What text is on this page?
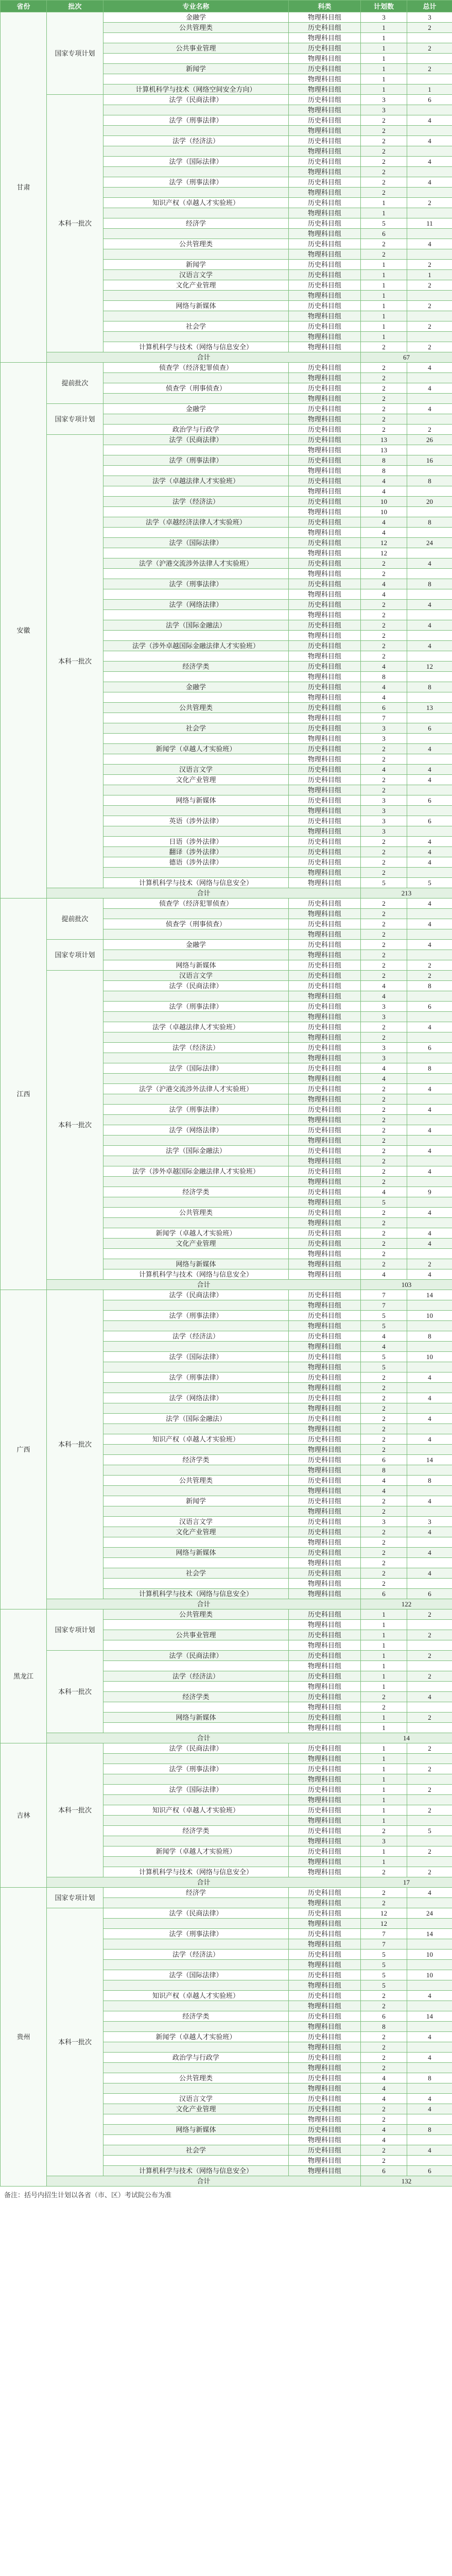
省份	批次	专业名称	科类	计划数	总计
甘肃	国家专项计划	金融学	物理科目组	3	3
		公共管理类	历史科目组	1	2
			物理科目组	1	
		公共事业管理	历史科目组	1	2
			物理科目组	1	
		新闻学	历史科目组	1	2
			物理科目组	1	
		计算机科学与技术（网络空间安全方向）	物理科目组	1	1
	本科一批次	法学（民商法律）	历史科目组	3	6
			物理科目组	3	
		法学（刑事法律）	历史科目组	2	4
			物理科目组	2	
		法学（经济法）	历史科目组	2	4
			物理科目组	2	
		法学（国际法律）	历史科目组	2	4
			物理科目组	2	
		法学（刑事法律）	历史科目组	2	4
			物理科目组	2	
		知识产权（卓越人才实验班）	历史科目组	1	2
			物理科目组	1	
		经济学	历史科目组	5	11
			物理科目组	6	
		公共管理类	历史科目组	2	4
			物理科目组	2	
		新闻学	历史科目组	1	2
		汉语言文学	历史科目组	1	1
		文化产业管理	历史科目组	1	2
			物理科目组	1	
		网络与新媒体	历史科目组	1	2
			物理科目组	1	
		社会学	历史科目组	1	2
			物理科目组	1	
		计算机科学与技术（网络与信息安全）	物理科目组	2	2
	合计			67	
安徽	提前批次	侦查学（经济犯罪侦查）	历史科目组	2	4
			物理科目组	2	
		侦查学（刑事侦查）	历史科目组	2	4
			物理科目组	2	
	国家专项计划	金融学	历史科目组	2	4
			物理科目组	2	
		政治学与行政学	历史科目组	2	2
	本科一批次	法学（民商法律）	历史科目组	13	26
			物理科目组	13	
		法学（刑事法律）	历史科目组	8	16
			物理科目组	8	
		法学（卓越法律人才实验班）	历史科目组	4	8
			物理科目组	4	
		法学（经济法）	历史科目组	10	20
			物理科目组	10	
		法学（卓越经济法律人才实验班）	历史科目组	4	8
			物理科目组	4	
		法学（国际法律）	历史科目组	12	24
			物理科目组	12	
		法学（沪港交流涉外法律人才实验班）	历史科目组	2	4
			物理科目组	2	
		法学（刑事法律）	历史科目组	4	8
			物理科目组	4	
		法学（网络法律）	历史科目组	2	4
			物理科目组	2	
		法学（国际金融法）	历史科目组	2	4
			物理科目组	2	
		法学（涉外卓越国际金融法律人才实验班）	历史科目组	2	4
			物理科目组	2	
		经济学类	历史科目组	4	12
			物理科目组	8	
		金融学	历史科目组	4	8
			物理科目组	4	
		公共管理类	历史科目组	6	13
			物理科目组	7	
		社会学	历史科目组	3	6
			物理科目组	3	
		新闻学（卓越人才实验班）	历史科目组	2	4
			物理科目组	2	
		汉语言文学	历史科目组	4	4
		文化产业管理	历史科目组	2	4
			物理科目组	2	
		网络与新媒体	历史科目组	3	6
			物理科目组	3	
		英语（涉外法律）	历史科目组	3	6
			物理科目组	3	
		日语（涉外法律）	历史科目组	2	4
		翻译（涉外法律）	历史科目组	2	4
		德语（涉外法律）	历史科目组	2	4
			物理科目组	2	
		计算机科学与技术（网络与信息安全）	物理科目组	5	5
	合计			213	
江西	提前批次	侦查学（经济犯罪侦查）	历史科目组	2	4
			物理科目组	2	
		侦查学（刑事侦查）	历史科目组	2	4
			物理科目组	2	
	国家专项计划	金融学	历史科目组	2	4
			物理科目组	2	
		网络与新媒体	历史科目组	2	2
	本科一批次	汉语言文学	历史科目组	2	2
		法学（民商法律）	历史科目组	4	8
			物理科目组	4	
		法学（刑事法律）	历史科目组	3	6
			物理科目组	3	
		法学（卓越法律人才实验班）	历史科目组	2	4
			物理科目组	2	
		法学（经济法）	历史科目组	3	6
			物理科目组	3	
		法学（国际法律）	历史科目组	4	8
			物理科目组	4	
		法学（沪港交流涉外法律人才实验班）	历史科目组	2	4
			物理科目组	2	
		法学（刑事法律）	历史科目组	2	4
			物理科目组	2	
		法学（网络法律）	历史科目组	2	4
			物理科目组	2	
		法学（国际金融法）	历史科目组	2	4
			物理科目组	2	
		法学（涉外卓越国际金融法律人才实验班）	历史科目组	2	4
			物理科目组	2	
		经济学类	历史科目组	4	9
			物理科目组	5	
		公共管理类	历史科目组	2	4
			物理科目组	2	
		新闻学（卓越人才实验班）	历史科目组	2	4
		文化产业管理	历史科目组	2	4
			物理科目组	2	
		网络与新媒体	物理科目组	2	2
		计算机科学与技术（网络与信息安全）	物理科目组	4	4
	合计			103	
广西	本科一批次	法学（民商法律）	历史科目组	7	14
			物理科目组	7	
		法学（刑事法律）	历史科目组	5	10
			物理科目组	5	
		法学（经济法）	历史科目组	4	8
			物理科目组	4	
		法学（国际法律）	历史科目组	5	10
			物理科目组	5	
		法学（刑事法律）	历史科目组	2	4
			物理科目组	2	
		法学（网络法律）	历史科目组	2	4
			物理科目组	2	
		法学（国际金融法）	历史科目组	2	4
			物理科目组	2	
		知识产权（卓越人才实验班）	历史科目组	2	4
			物理科目组	2	
		经济学类	历史科目组	6	14
			物理科目组	8	
		公共管理类	历史科目组	4	8
			物理科目组	4	
		新闻学	历史科目组	2	4
			物理科目组	2	
		汉语言文学	历史科目组	3	3
		文化产业管理	历史科目组	2	4
			物理科目组	2	
		网络与新媒体	历史科目组	2	4
			物理科目组	2	
		社会学	历史科目组	2	4
			物理科目组	2	
		计算机科学与技术（网络与信息安全）	物理科目组	6	6
	合计			122	
黑龙江	国家专项计划	公共管理类	历史科目组	1	2
			物理科目组	1	
		公共事业管理	历史科目组	1	2
			物理科目组	1	
	本科一批次	法学（民商法律）	历史科目组	1	2
			物理科目组	1	
		法学（经济法）	历史科目组	1	2
			物理科目组	1	
		经济学类	历史科目组	2	4
			物理科目组	2	
		网络与新媒体	历史科目组	1	2
			物理科目组	1	
	合计			14	
吉林	本科一批次	法学（民商法律）	历史科目组	1	2
			物理科目组	1	
		法学（刑事法律）	历史科目组	1	2
			物理科目组	1	
		法学（国际法律）	历史科目组	1	2
			物理科目组	1	
		知识产权（卓越人才实验班）	历史科目组	1	2
			物理科目组	1	
		经济学类	历史科目组	2	5
			物理科目组	3	
		新闻学（卓越人才实验班）	历史科目组	1	2
			物理科目组	1	
		计算机科学与技术（网络与信息安全）	物理科目组	2	2
	合计			17	
贵州	国家专项计划	经济学	历史科目组	2	4
			物理科目组	2	
	本科一批次	法学（民商法律）	历史科目组	12	24
			物理科目组	12	
		法学（刑事法律）	历史科目组	7	14
			物理科目组	7	
		法学（经济法）	历史科目组	5	10
			物理科目组	5	
		法学（国际法律）	历史科目组	5	10
			物理科目组	5	
		知识产权（卓越人才实验班）	历史科目组	2	4
			物理科目组	2	
		经济学类	历史科目组	6	14
			物理科目组	8	
		新闻学（卓越人才实验班）	历史科目组	2	4
			物理科目组	2	
		政治学与行政学	历史科目组	2	4
			物理科目组	2	
		公共管理类	历史科目组	4	8
			物理科目组	4	
		汉语言文学	历史科目组	4	4
		文化产业管理	历史科目组	2	4
			物理科目组	2	
		网络与新媒体	历史科目组	4	8
			物理科目组	4	
		社会学	历史科目组	2	4
			物理科目组	2	
		计算机科学与技术（网络与信息安全）	物理科目组	6	6
	合计			132	
备注：括号内招生计划以各省（市、区）考试院公布为准
